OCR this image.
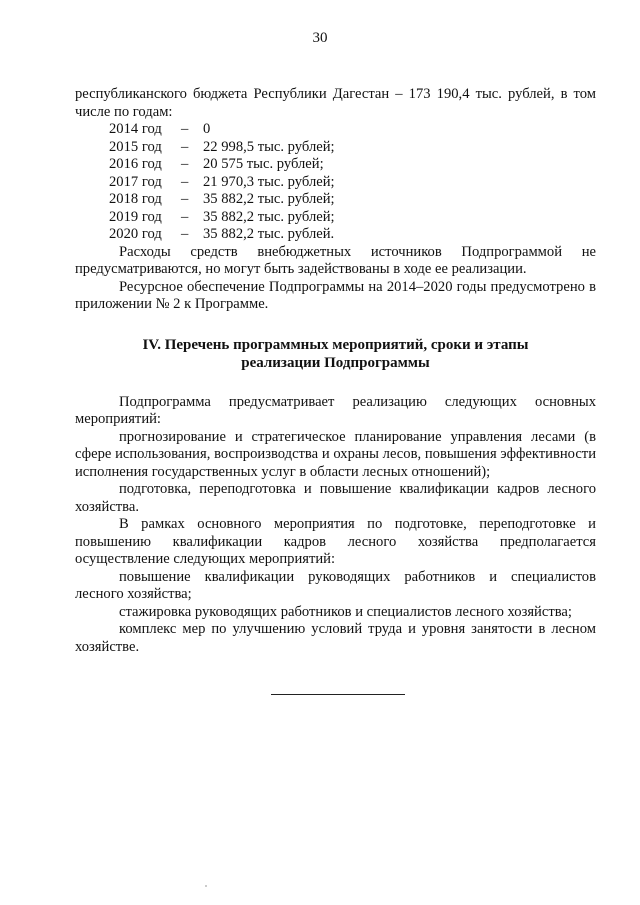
30

республиканского бюджета Республики Дагестан – 173 190,4 тыс. рублей, в том числе по годам:

2014 год	–	0
2015 год	–	22 998,5 тыс. рублей;
2016 год	–	20 575 тыс. рублей;
2017 год	–	21 970,3 тыс. рублей;
2018 год	–	35 882,2 тыс. рублей;
2019 год	–	35 882,2 тыс. рублей;
2020 год	–	35 882,2 тыс. рублей.

Расходы средств внебюджетных источников Подпрограммой не предусматриваются, но могут быть задействованы в ходе ее реализации.

Ресурсное обеспечение Подпрограммы на 2014–2020 годы предусмотрено в приложении № 2 к Программе.

IV. Перечень программных мероприятий, сроки и этапы
реализации Подпрограммы

Подпрограмма предусматривает реализацию следующих основных мероприятий:

прогнозирование и стратегическое планирование управления лесами (в сфере использования, воспроизводства и охраны лесов, повышения эффективности исполнения государственных услуг в области лесных отношений);

подготовка, переподготовка и повышение квалификации кадров лесного хозяйства.

В рамках основного мероприятия по подготовке, переподготовке и повышению квалификации кадров лесного хозяйства предполагается осуществление следующих мероприятий:

повышение квалификации руководящих работников и специалистов лесного хозяйства;

стажировка руководящих работников и специалистов лесного хозяйства;

комплекс мер по улучшению условий труда и уровня занятости в лесном хозяйстве.
